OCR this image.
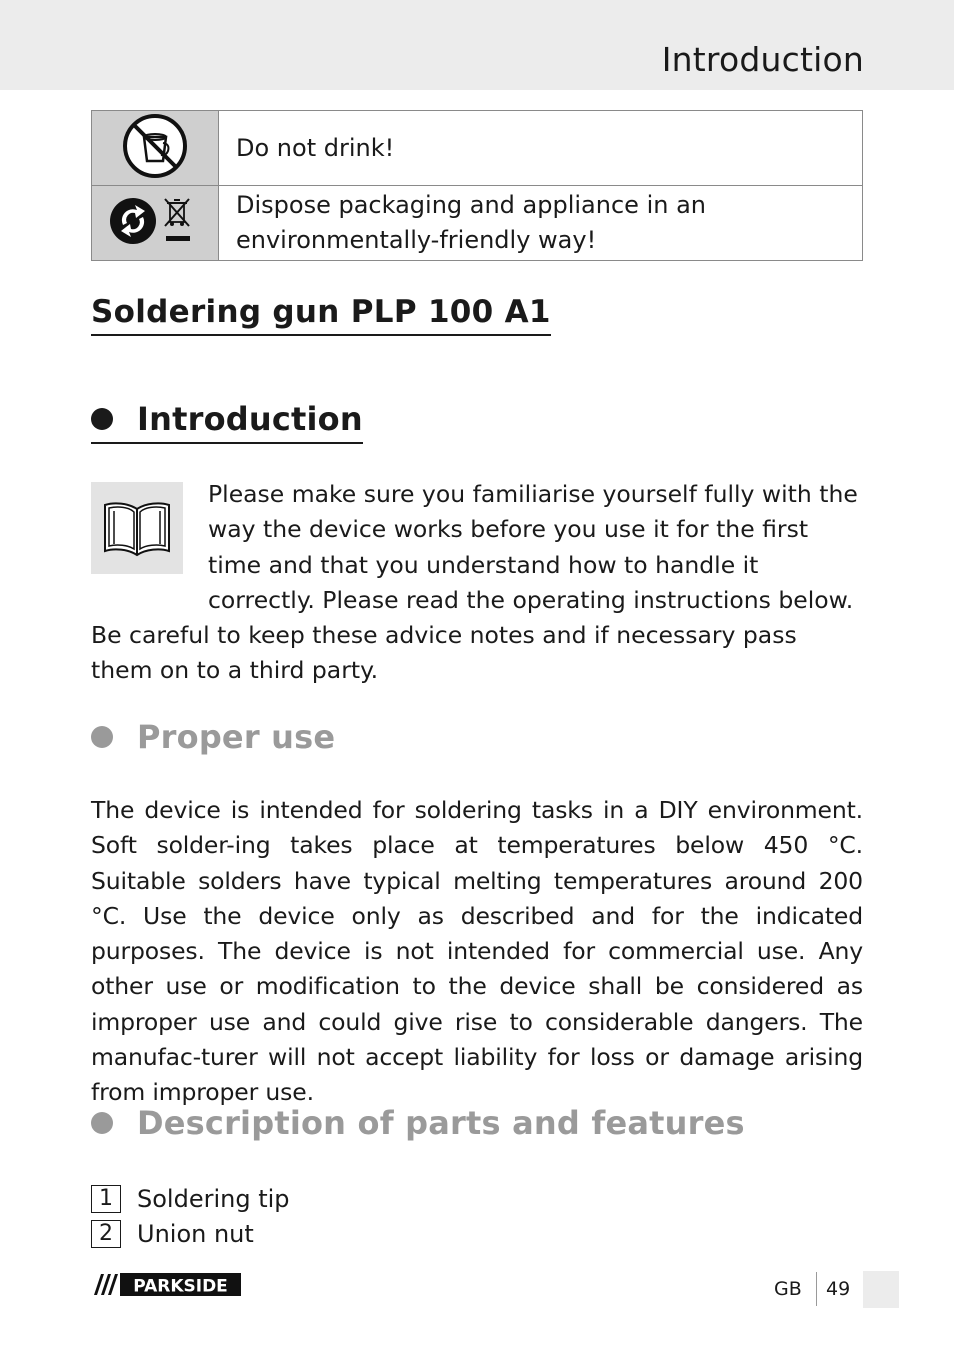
Introduction
	Do not drink!
	Dispose packaging and appliance in an environmentally-friendly way!
Soldering gun PLP 100 A1
Introduction
Please make sure you familiarise yourself fully with the way the device works before you use it for the first time and that you understand how to handle it correctly. Please read the operating instructions below. Be careful to keep these advice notes and if necessary pass them on to a third party.
Proper use
The device is intended for soldering tasks in a DIY environment. Soft solder-ing takes place at temperatures below 450 °C. Suitable solders have typical melting temperatures around 200 °C. Use the device only as described and for the indicated purposes. The device is not intended for commercial use. Any other use or modification to the device shall be considered as improper use and could give rise to considerable dangers. The manufac-turer will not accept liability for loss or damage arising from improper use.
Description of parts and features
1	Soldering tip
2	Union nut
PARKSIDE	GB 49
